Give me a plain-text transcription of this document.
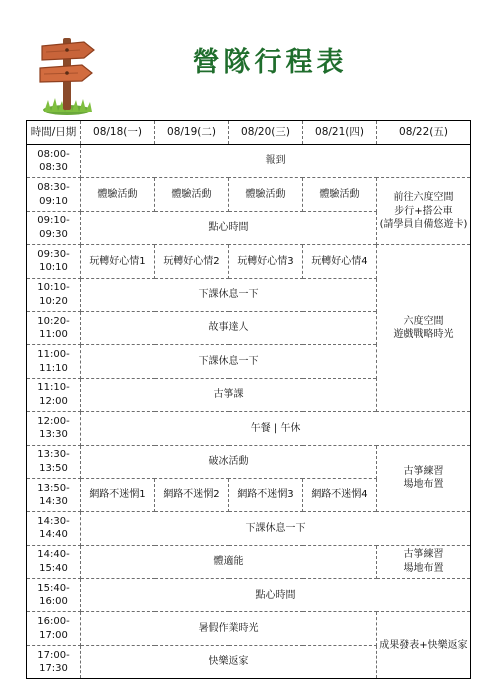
營隊行程表
時間/日期	08/18(一)	08/19(二)	08/20(三)	08/21(四)	08/22(五)
08:00-
08:30	報到				
08:30-
09:10	體驗活動	體驗活動	體驗活動	體驗活動	前往六度空間
步行+搭公車
(請學員自備悠遊卡)
09:10-
09:30	點心時間				
09:30-
10:10	玩轉好心情1	玩轉好心情2	玩轉好心情3	玩轉好心情4	六度空間
遊戲戰略時光
10:10-
10:20	下課休息一下				
10:20-
11:00	故事達人				
11:00-
11:10	下課休息一下				
11:10-
12:00	古箏課				
12:00-
13:30	午餐 | 午休				
13:30-
13:50	破冰活動				古箏練習
場地布置
13:50-
14:30	網路不迷惘1	網路不迷惘2	網路不迷惘3	網路不迷惘4	
14:30-
14:40	下課休息一下				
14:40-
15:40	體適能				古箏練習
場地布置
15:40-
16:00	點心時間				
16:00-
17:00	暑假作業時光				成果發表+快樂返家
17:00-
17:30	快樂返家				
